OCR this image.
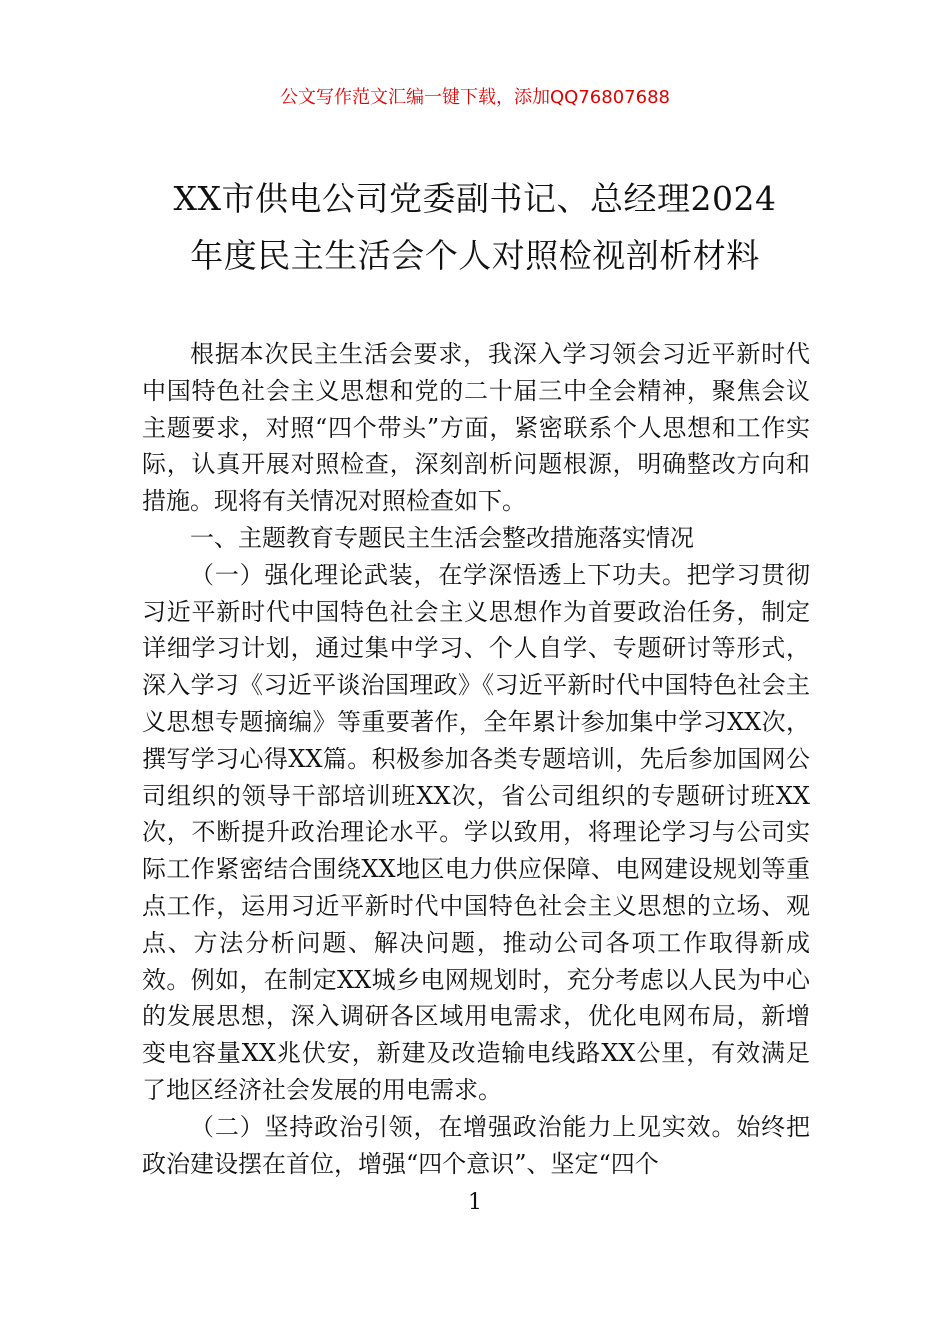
公文写作范文汇编一键下载，添加QQ76807688
XX市供电公司党委副书记、总经理2024
年度民主生活会个人对照检视剖析材料

根据本次民主生活会要求，我深入学习领会习近平新时代中国特色社会主义思想和党的二十届三中全会精神，聚焦会议主题要求，对照“四个带头”方面，紧密联系个人思想和工作实际，认真开展对照检查，深刻剖析问题根源，明确整改方向和措施。现将有关情况对照检查如下。

一、主题教育专题民主生活会整改措施落实情况

（一）强化理论武装，在学深悟透上下功夫。把学习贯彻习近平新时代中国特色社会主义思想作为首要政治任务，制定详细学习计划，通过集中学习、个人自学、专题研讨等形式，深入学习《习近平谈治国理政》《习近平新时代中国特色社会主义思想专题摘编》等重要著作，全年累计参加集中学习XX次，撰写学习心得XX篇。积极参加各类专题培训，先后参加国网公司组织的领导干部培训班XX次，省公司组织的专题研讨班XX次，不断提升政治理论水平。学以致用，将理论学习与公司实际工作紧密结合围绕XX地区电力供应保障、电网建设规划等重点工作，运用习近平新时代中国特色社会主义思想的立场、观点、方法分析问题、解决问题，推动公司各项工作取得新成效。例如，在制定XX城乡电网规划时，充分考虑以人民为中心的发展思想，深入调研各区域用电需求，优化电网布局，新增变电容量XX兆伏安，新建及改造输电线路XX公里，有效满足了地区经济社会发展的用电需求。

（二）坚持政治引领，在增强政治能力上见实效。始终把政治建设摆在首位，增强“四个意识”、坚定“四个

1
